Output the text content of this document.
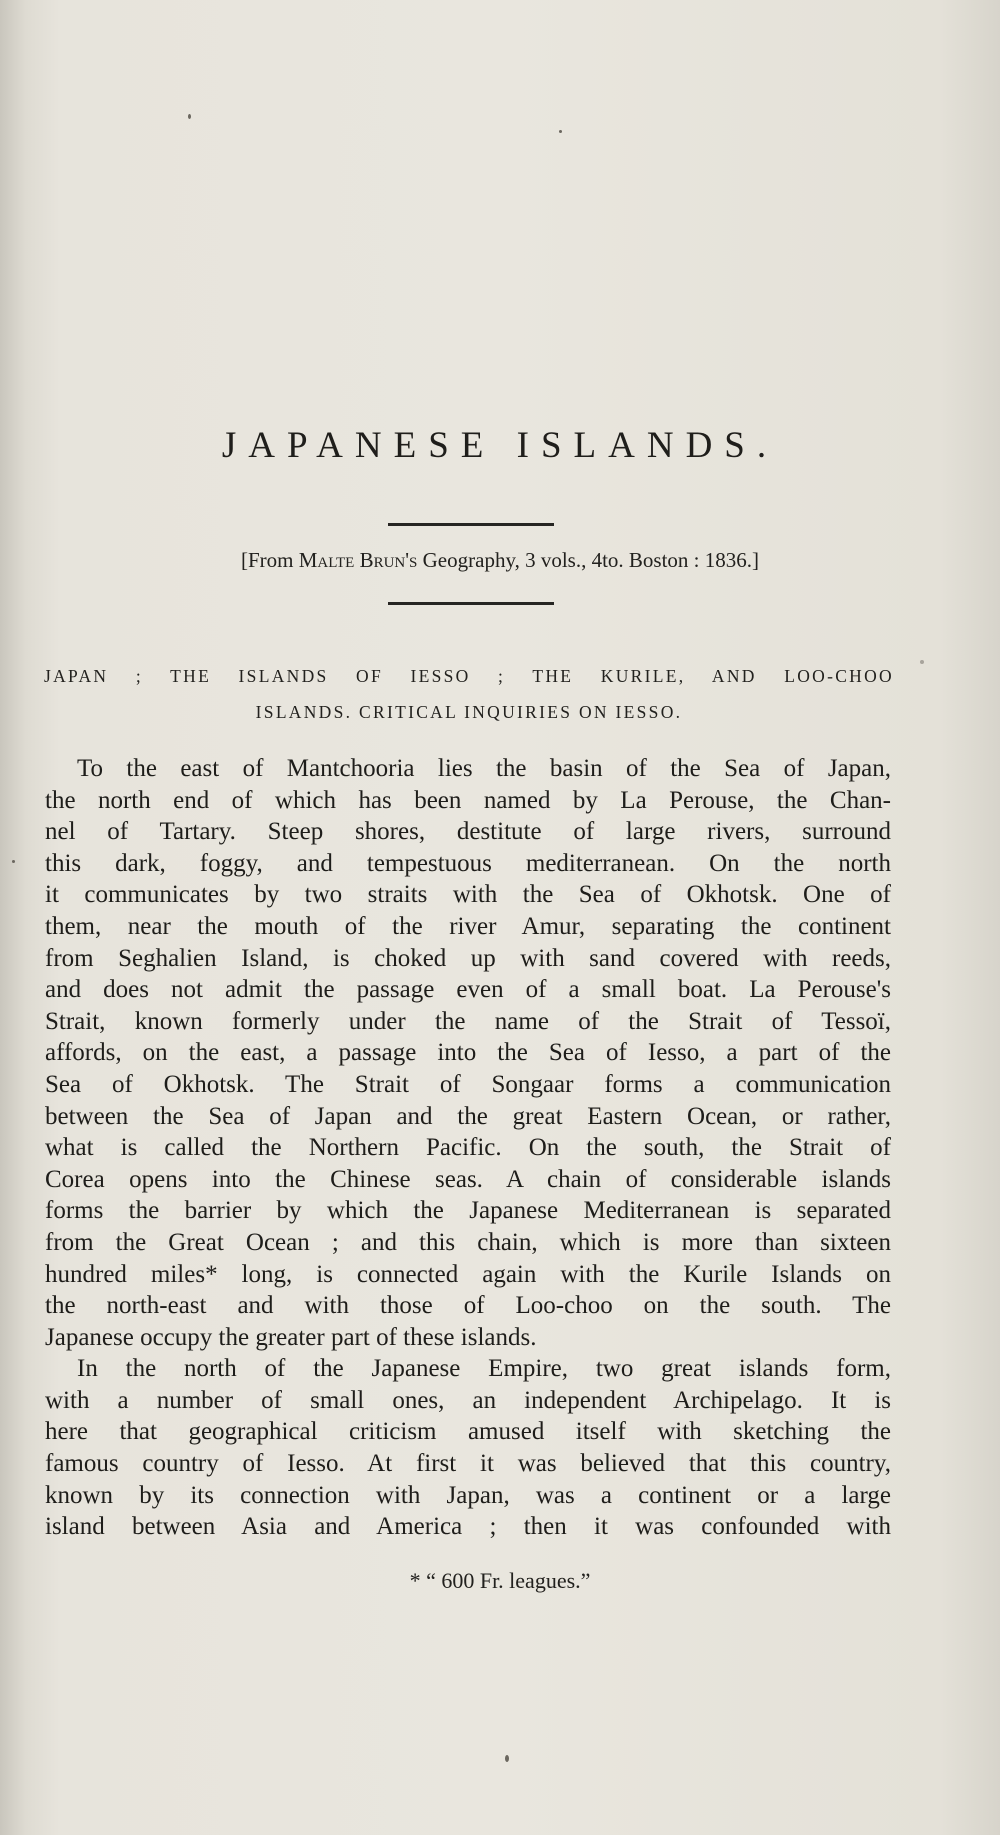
JAPANESE ISLANDS.
[From Malte Brun's Geography, 3 vols., 4to. Boston : 1836.]
JAPAN ; THE ISLANDS OF IESSO ; THE KURILE, AND LOO-CHOO
ISLANDS. CRITICAL INQUIRIES ON IESSO.
To the east of Mantchooria lies the basin of the Sea of Japan,
the north end of which has been named by La Perouse, the Chan-
nel of Tartary. Steep shores, destitute of large rivers, surround
this dark, foggy, and tempestuous mediterranean. On the north
it communicates by two straits with the Sea of Okhotsk. One of
them, near the mouth of the river Amur, separating the continent
from Seghalien Island, is choked up with sand covered with reeds,
and does not admit the passage even of a small boat. La Perouse's
Strait, known formerly under the name of the Strait of Tessoï,
affords, on the east, a passage into the Sea of Iesso, a part of the
Sea of Okhotsk. The Strait of Songaar forms a communication
between the Sea of Japan and the great Eastern Ocean, or rather,
what is called the Northern Pacific. On the south, the Strait of
Corea opens into the Chinese seas. A chain of considerable islands
forms the barrier by which the Japanese Mediterranean is separated
from the Great Ocean ; and this chain, which is more than sixteen
hundred miles* long, is connected again with the Kurile Islands on
the north-east and with those of Loo-choo on the south. The
Japanese occupy the greater part of these islands.
In the north of the Japanese Empire, two great islands form,
with a number of small ones, an independent Archipelago. It is
here that geographical criticism amused itself with sketching the
famous country of Iesso. At first it was believed that this country,
known by its connection with Japan, was a continent or a large
island between Asia and America ; then it was confounded with
* “ 600 Fr. leagues.”
